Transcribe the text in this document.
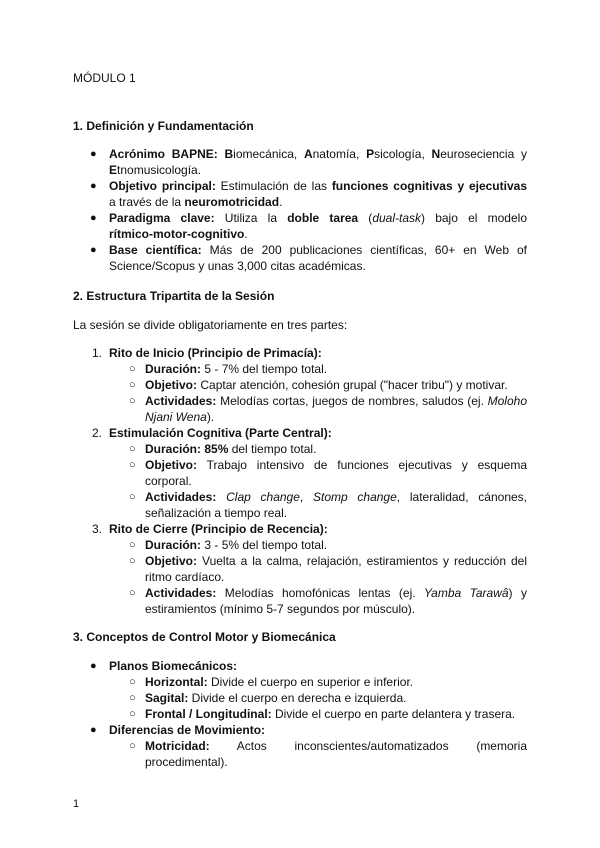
MÓDULO 1
1. Definición y Fundamentación
● Acrónimo BAPNE: Biomecánica, Anatomía, Psicología, Neuroseciencia y
Etnomusicología.
● Objetivo principal: Estimulación de las funciones cognitivas y ejecutivas
a través de la neuromotricidad.
● Paradigma clave: Utiliza la doble tarea (dual-task) bajo el modelo
rítmico-motor-cognitivo.
● Base científica: Más de 200 publicaciones científicas, 60+ en Web of
Science/Scopus y unas 3,000 citas académicas.
2. Estructura Tripartita de la Sesión
La sesión se divide obligatoriamente en tres partes:
1. Rito de Inicio (Principio de Primacía):
○ Duración: 5 - 7% del tiempo total.
○ Objetivo: Captar atención, cohesión grupal ("hacer tribu") y motivar.
○ Actividades: Melodías cortas, juegos de nombres, saludos (ej. Moloho
Njani Wena).
2. Estimulación Cognitiva (Parte Central):
○ Duración: 85% del tiempo total.
○ Objetivo: Trabajo intensivo de funciones ejecutivas y esquema
corporal.
○ Actividades: Clap change, Stomp change, lateralidad, cánones,
señalización a tiempo real.
3. Rito de Cierre (Principio de Recencia):
○ Duración: 3 - 5% del tiempo total.
○ Objetivo: Vuelta a la calma, relajación, estiramientos y reducción del
ritmo cardíaco.
○ Actividades: Melodías homofónicas lentas (ej. Yamba Tarawâ) y
estiramientos (mínimo 5-7 segundos por músculo).
3. Conceptos de Control Motor y Biomecánica
● Planos Biomecánicos:
○ Horizontal: Divide el cuerpo en superior e inferior.
○ Sagital: Divide el cuerpo en derecha e izquierda.
○ Frontal / Longitudinal: Divide el cuerpo en parte delantera y trasera.
● Diferencias de Movimiento:
○ Motricidad: Actos inconscientes/automatizados (memoria
procedimental).
1
